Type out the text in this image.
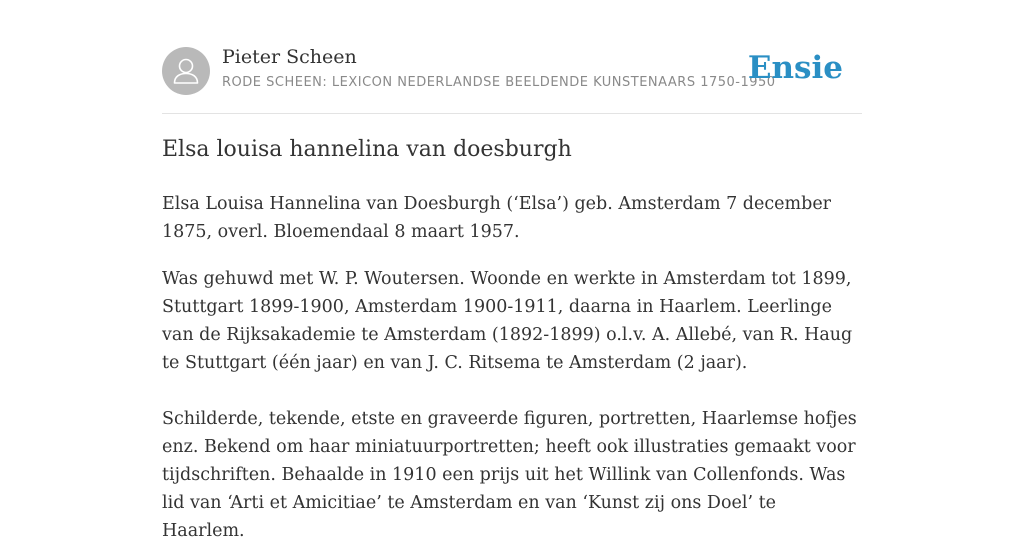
Pieter Scheen
RODE SCHEEN: LEXICON NEDERLANDSE BEELDENDE KUNSTENAARS 1750-1950
Ensie
Elsa louisa hannelina van doesburgh

Elsa Louisa Hannelina van Doesburgh (‘Elsa’) geb. Amsterdam 7 december 1875, overl. Bloemendaal 8 maart 1957.

Was gehuwd met W. P. Woutersen. Woonde en werkte in Amsterdam tot 1899, Stuttgart 1899-1900, Amsterdam 1900-1911, daarna in Haarlem. Leerlinge van de Rijksakademie te Amsterdam (1892-1899) o.l.v. A. Allebé, van R. Haug te Stuttgart (één jaar) en van J. C. Ritsema te Amsterdam (2 jaar).

Schilderde, tekende, etste en graveerde figuren, portretten, Haarlemse hofjes enz. Bekend om haar miniatuurportretten; heeft ook illustraties gemaakt voor tijdschriften. Behaalde in 1910 een prijs uit het Willink van Collenfonds. Was lid van ‘Arti et Amicitiae’ te Amsterdam en van ‘Kunst zij ons Doel’ te Haarlem.
